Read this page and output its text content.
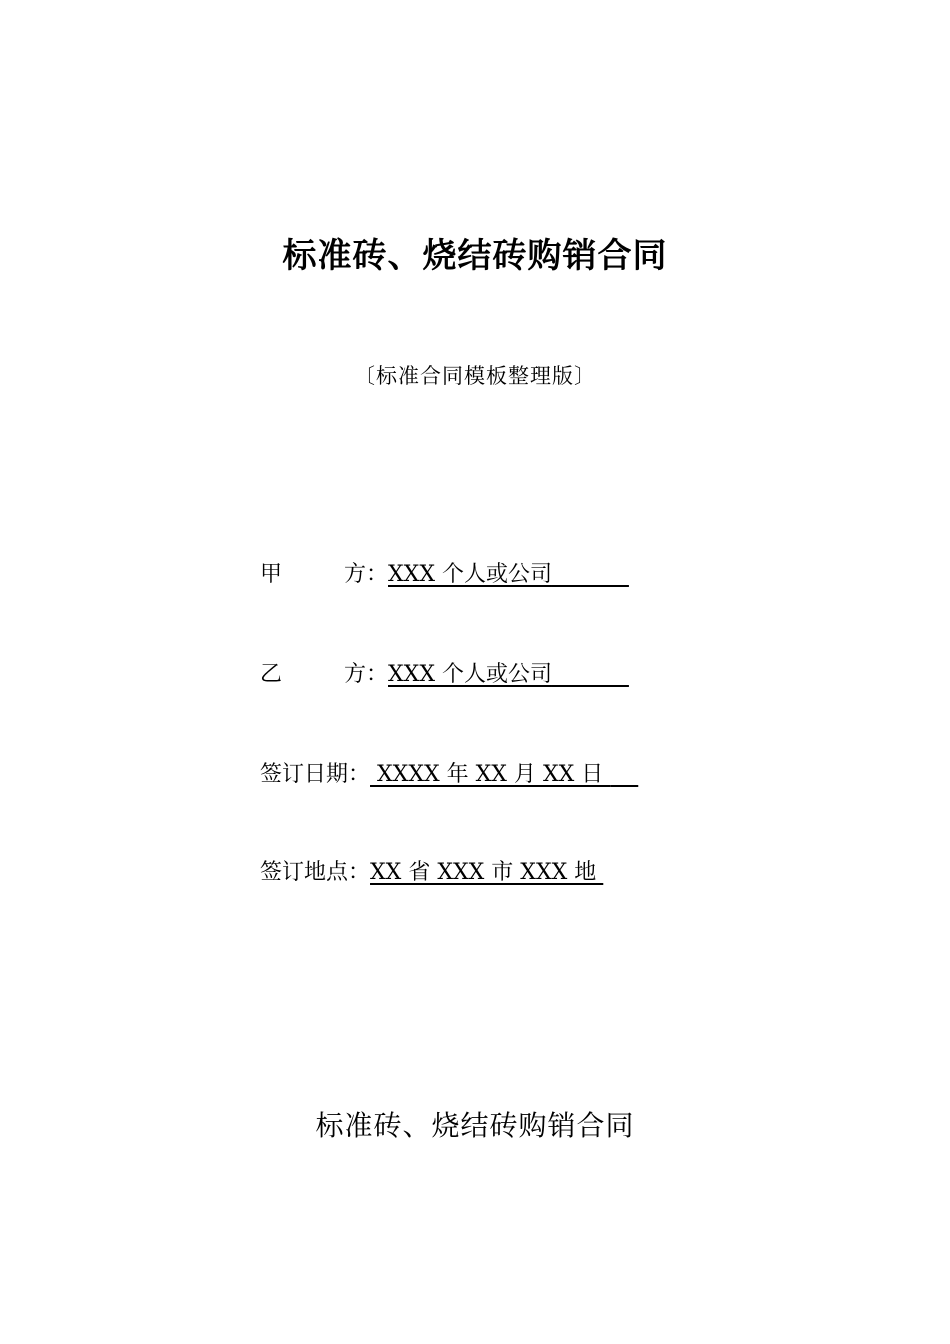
标准砖、烧结砖购销合同
〔标准合同模板整理版〕
甲	方： XXX 个人或公司
乙	方： XXX 个人或公司
签订日期： XXXX 年 XX 月 XX 日
签订地点：XX 省 XXX 市 XXX 地
标准砖、烧结砖购销合同
